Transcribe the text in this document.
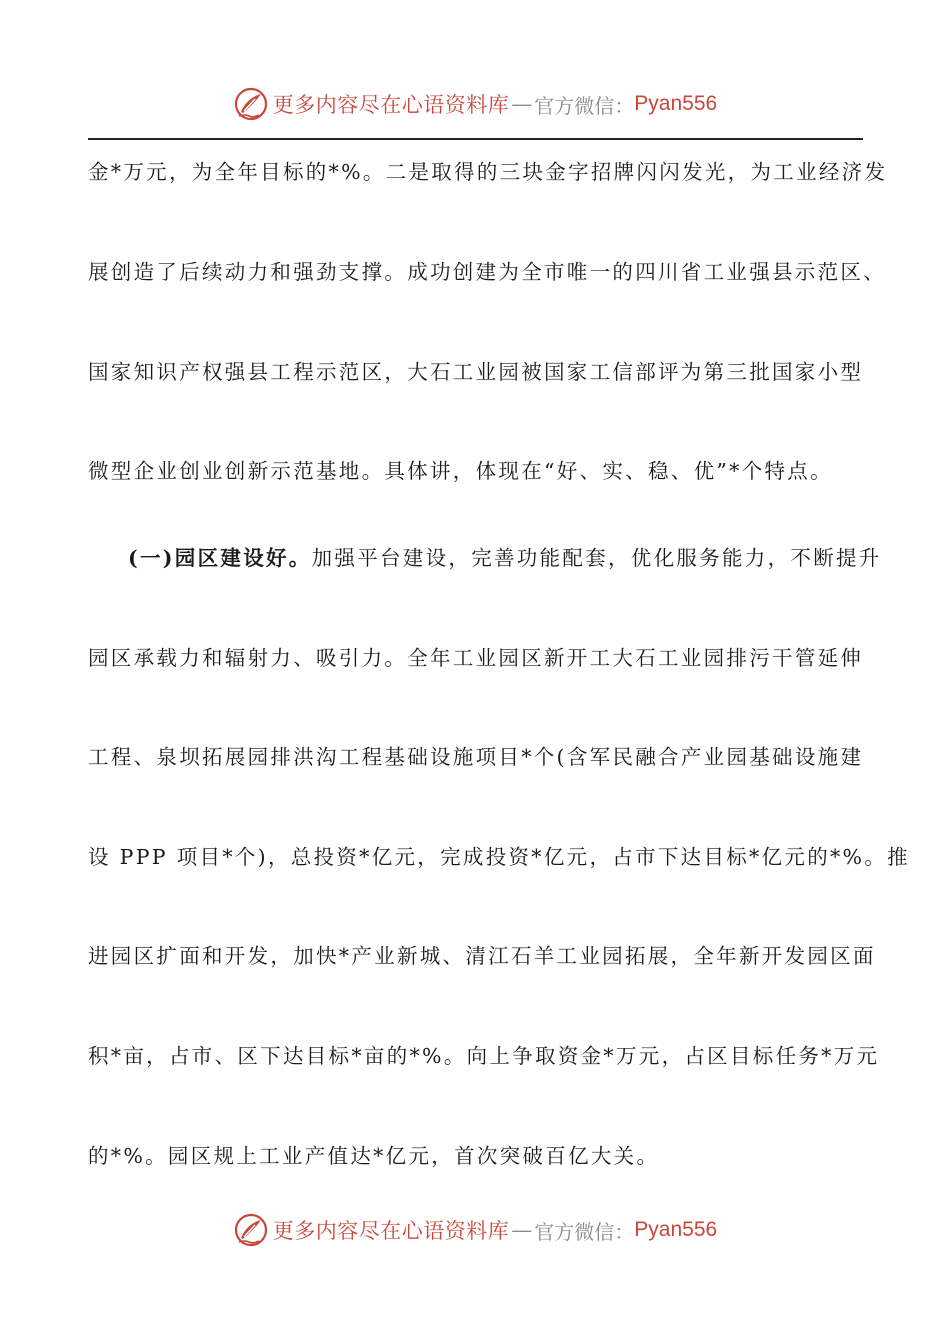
更多内容尽在心语资料库 — 官方微信： Pyan556
金*万元，为全年目标的*%。二是取得的三块金字招牌闪闪发光，为工业经济发
展创造了后续动力和强劲支撑。成功创建为全市唯一的四川省工业强县示范区、
国家知识产权强县工程示范区，大石工业园被国家工信部评为第三批国家小型
微型企业创业创新示范基地。具体讲，体现在“好、实、稳、优”*个特点。
(一)园区建设好。加强平台建设，完善功能配套，优化服务能力，不断提升
园区承载力和辐射力、吸引力。全年工业园区新开工大石工业园排污干管延伸
工程、泉坝拓展园排洪沟工程基础设施项目*个(含军民融合产业园基础设施建
设 PPP 项目*个)，总投资*亿元，完成投资*亿元，占市下达目标*亿元的*%。推
进园区扩面和开发，加快*产业新城、清江石羊工业园拓展，全年新开发园区面
积*亩，占市、区下达目标*亩的*%。向上争取资金*万元，占区目标任务*万元
的*%。园区规上工业产值达*亿元，首次突破百亿大关。
更多内容尽在心语资料库 — 官方微信： Pyan556
